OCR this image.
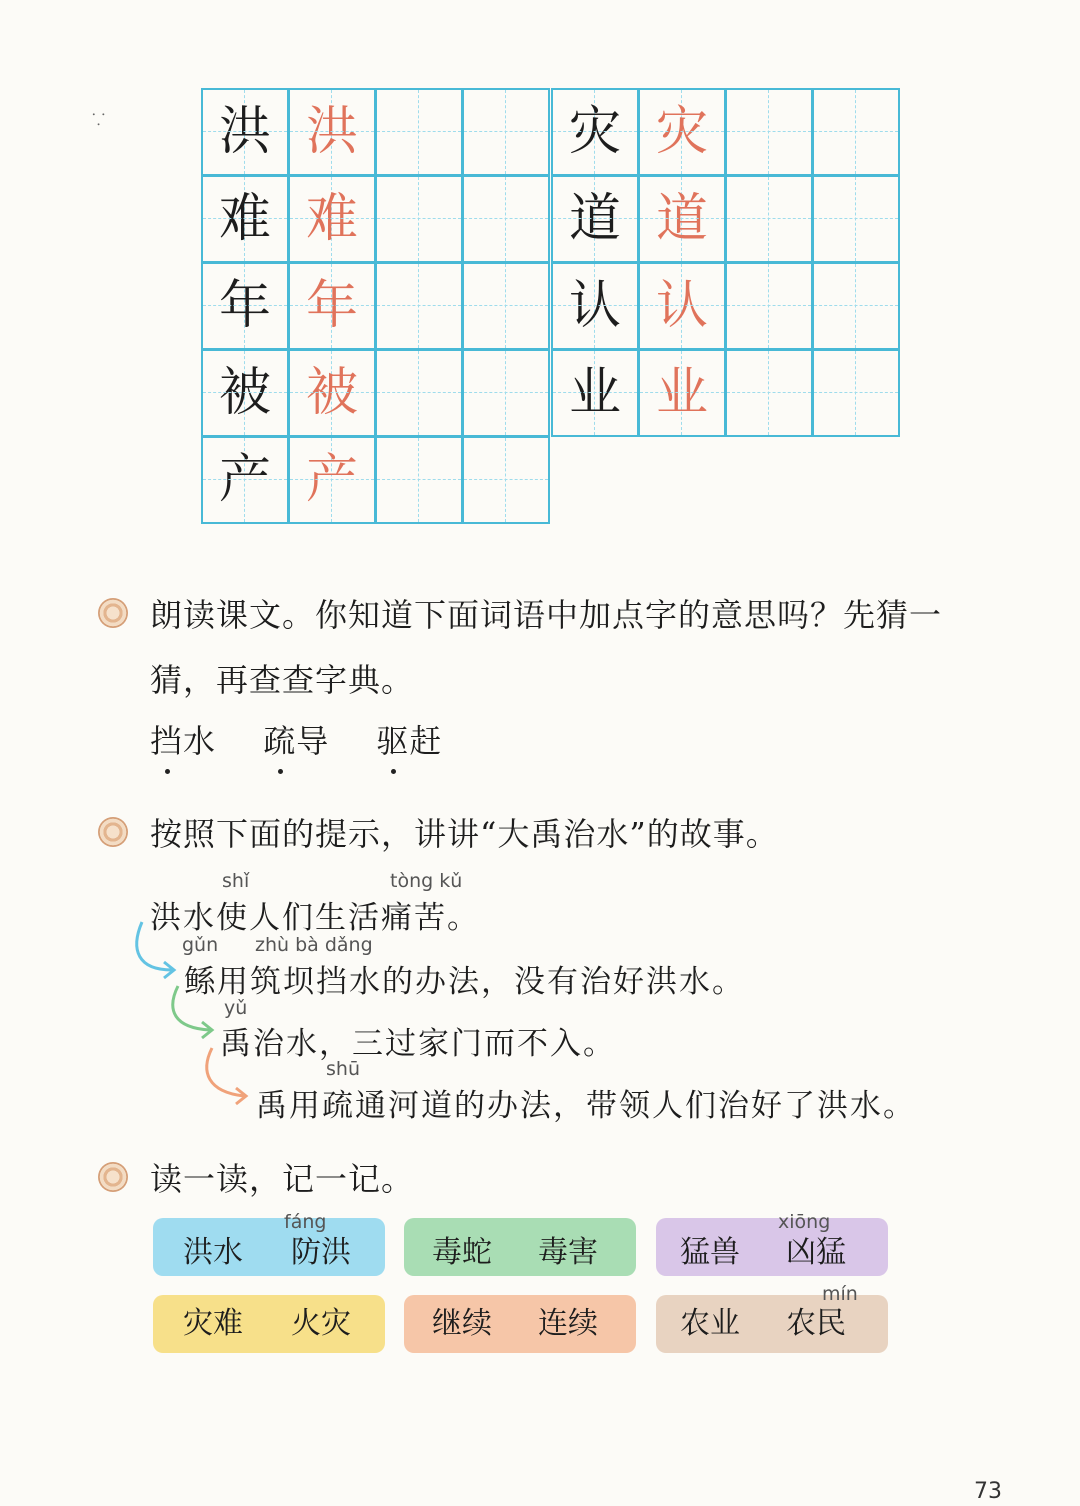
⸪	洪 洪
难 难
年 年
被 被
产 产
灾 灾
道 道
认 认
业 业
朗读课文。你知道下面词语中加点字的意思吗？先猜一
猜，再查查字典。
挡水 疏导 驱赶
按照下面的提示，讲讲“大禹治水”的故事。
shǐ	tòng kǔ
洪水使人们生活痛苦。
gǔn zhù bà dǎng
鲧用筑坝挡水的办法，没有治好洪水。
yǔ
禹治水，三过家门而不入。
shū
禹用疏通河道的办法，带领人们治好了洪水。
读一读，记一记。
洪水 防洪
fáng
毒蛇 毒害	猛兽 凶猛
xiōng
灾难 火灾	继续 连续	农业 农民
mín
73
